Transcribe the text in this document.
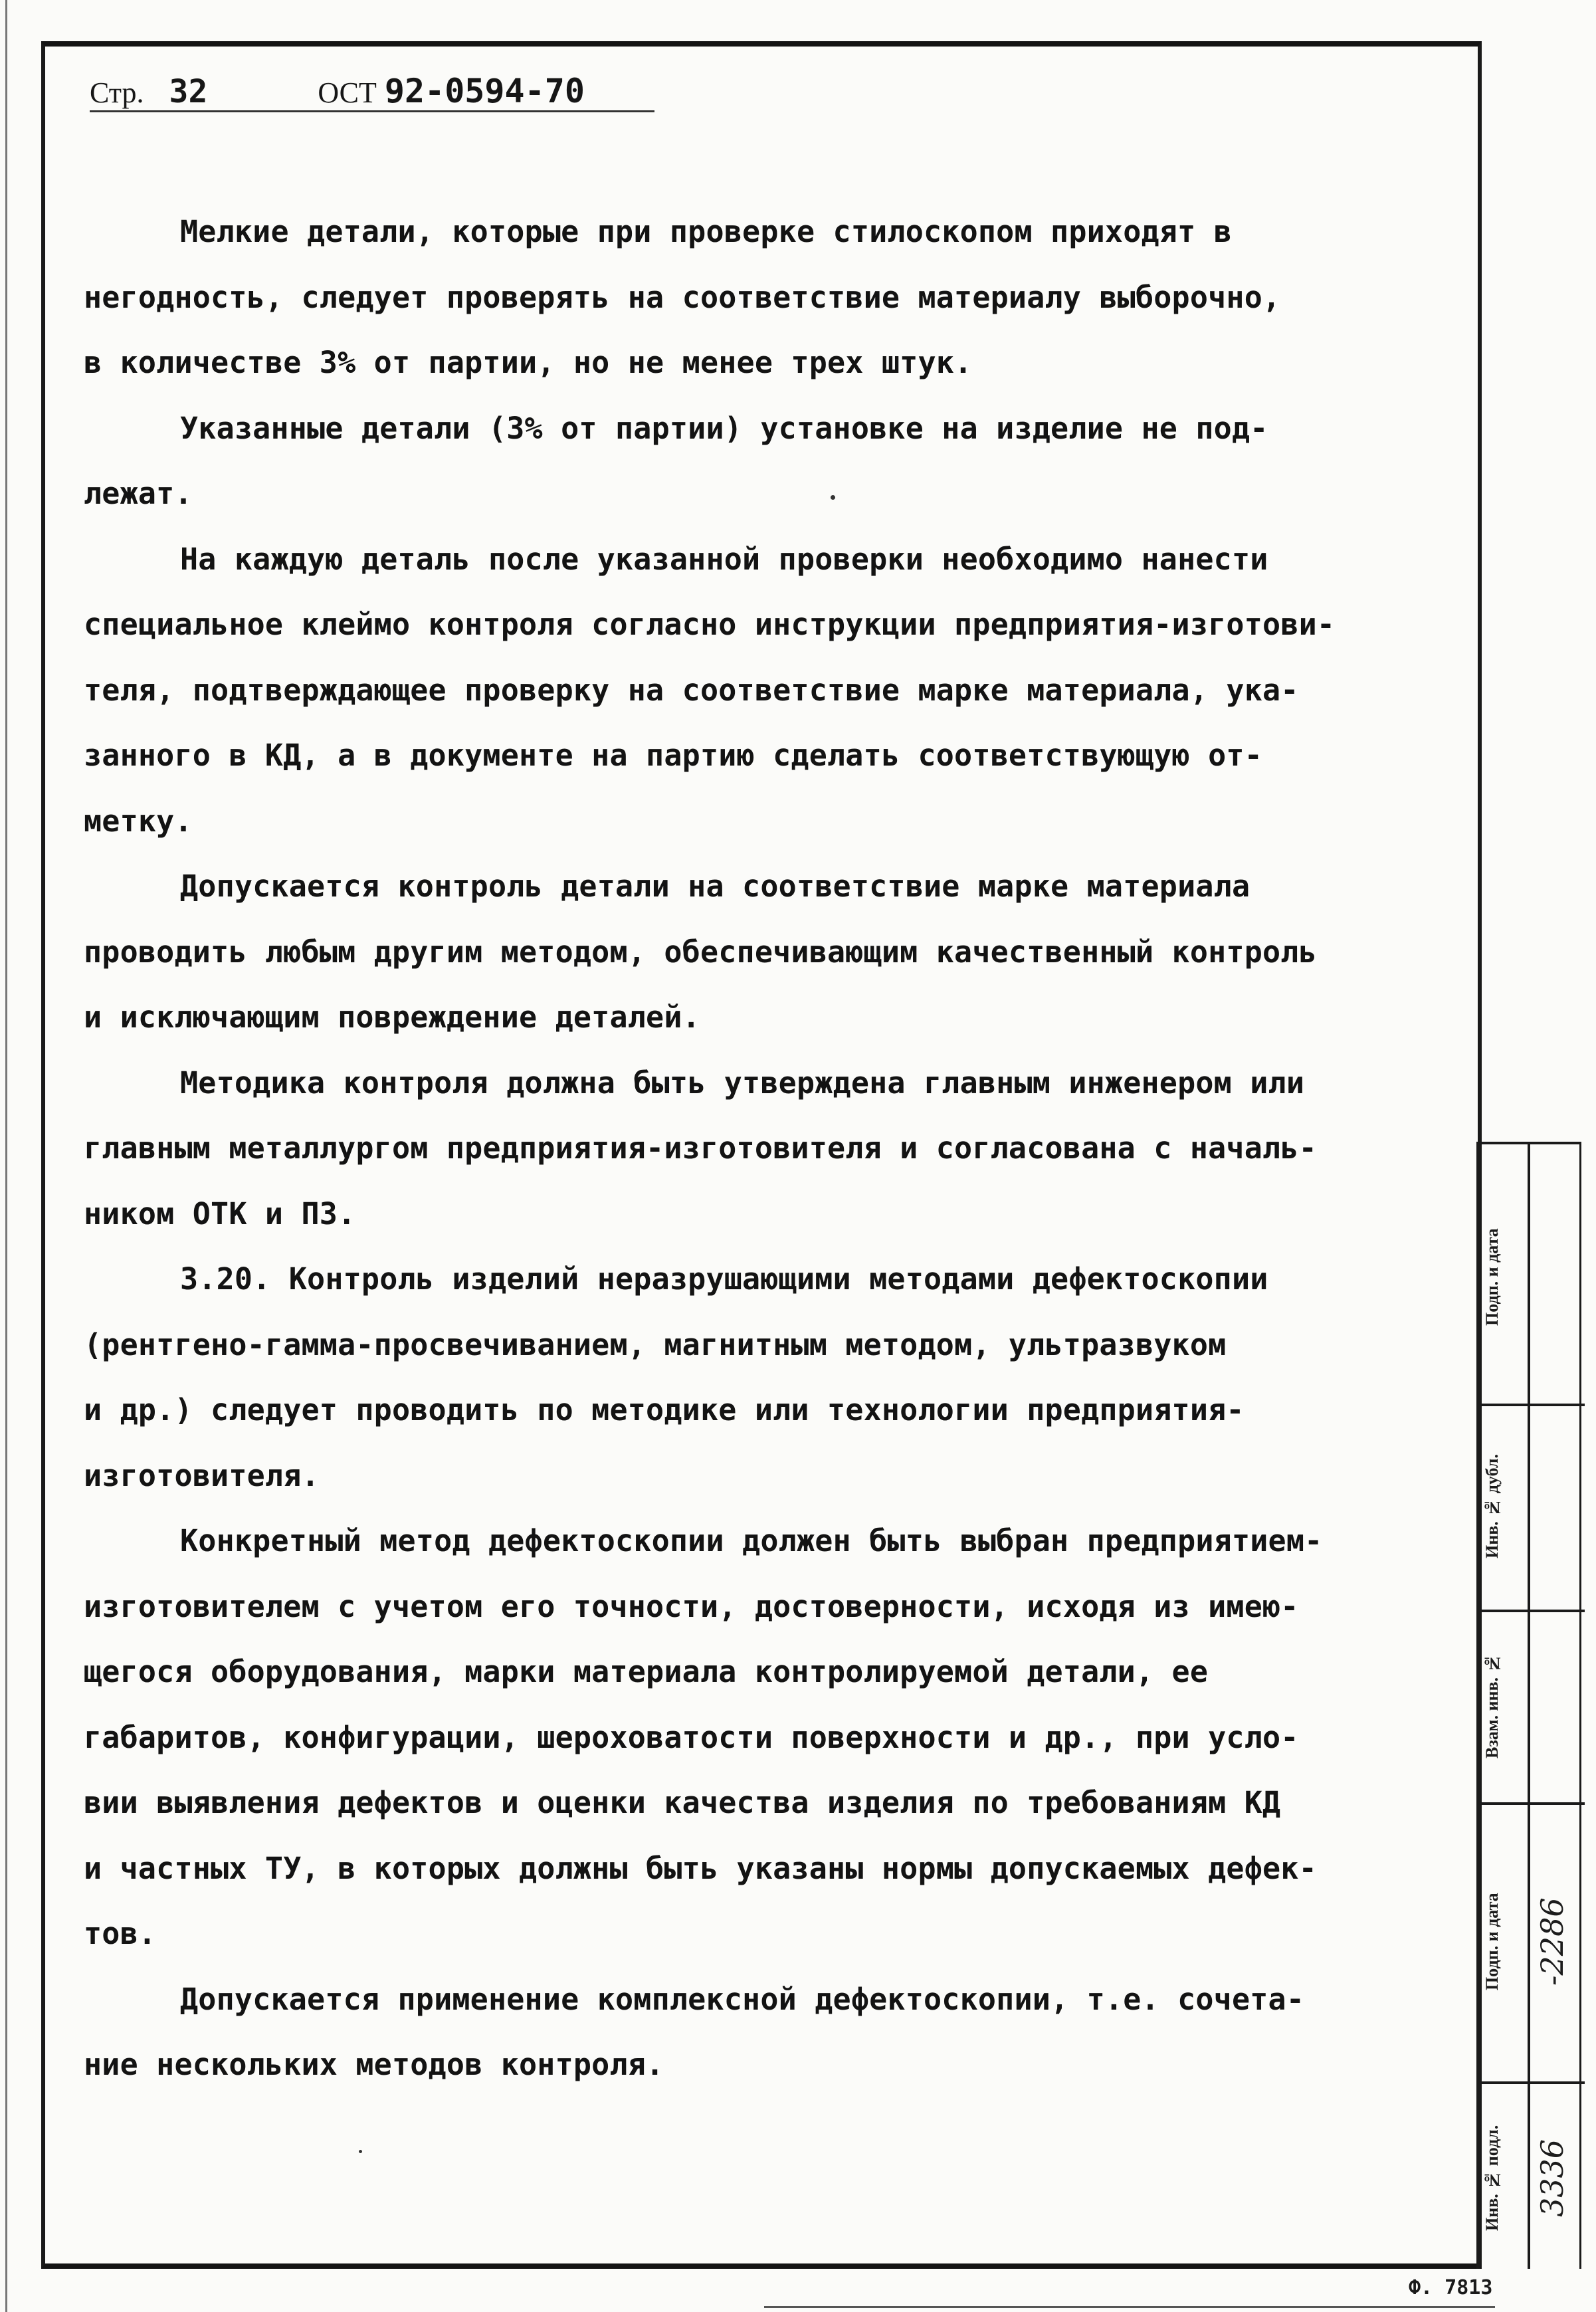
Стр. 32	ОСТ 92-0594-70
Мелкие детали, которые при проверке стилоскопом приходят в
негодность, следует проверять на соответствие материалу выборочно,
в количестве 3% от партии, но не менее трех штук.
Указанные детали (3% от партии) установке на изделие не под-
лежат.
На каждую деталь после указанной проверки необходимо нанести
специальное клеймо контроля согласно инструкции предприятия-изготови-
теля, подтверждающее проверку на соответствие марке материала, ука-
занного в КД, а в документе на партию сделать соответствующую от-
метку.
Допускается контроль детали на соответствие марке материала
проводить любым другим методом, обеспечивающим качественный контроль
и исключающим повреждение деталей.
Методика контроля должна быть утверждена главным инженером или
главным металлургом предприятия-изготовителя и согласована с началь-
ником ОТК и ПЗ.
3.20. Контроль изделий неразрушающими методами дефектоскопии
(рентгено-гамма-просвечиванием, магнитным методом, ультразвуком
и др.) следует проводить по методике или технологии предприятия-
изготовителя.
Конкретный метод дефектоскопии должен быть выбран предприятием-
изготовителем с учетом его точности, достоверности, исходя из имею-
щегося оборудования, марки материала контролируемой детали, ее
габаритов, конфигурации, шероховатости поверхности и др., при усло-
вии выявления дефектов и оценки качества изделия по требованиям КД
и частных ТУ, в которых должны быть указаны нормы допускаемых дефек-
тов.
Допускается применение комплексной дефектоскопии, т.е. сочета-
ние нескольких методов контроля.
Подп. и дата
Инв. № дубл.
Взам. инв. №
Подп. и дата
Инв. № подл.
-2286
3336
Ф. 7813
